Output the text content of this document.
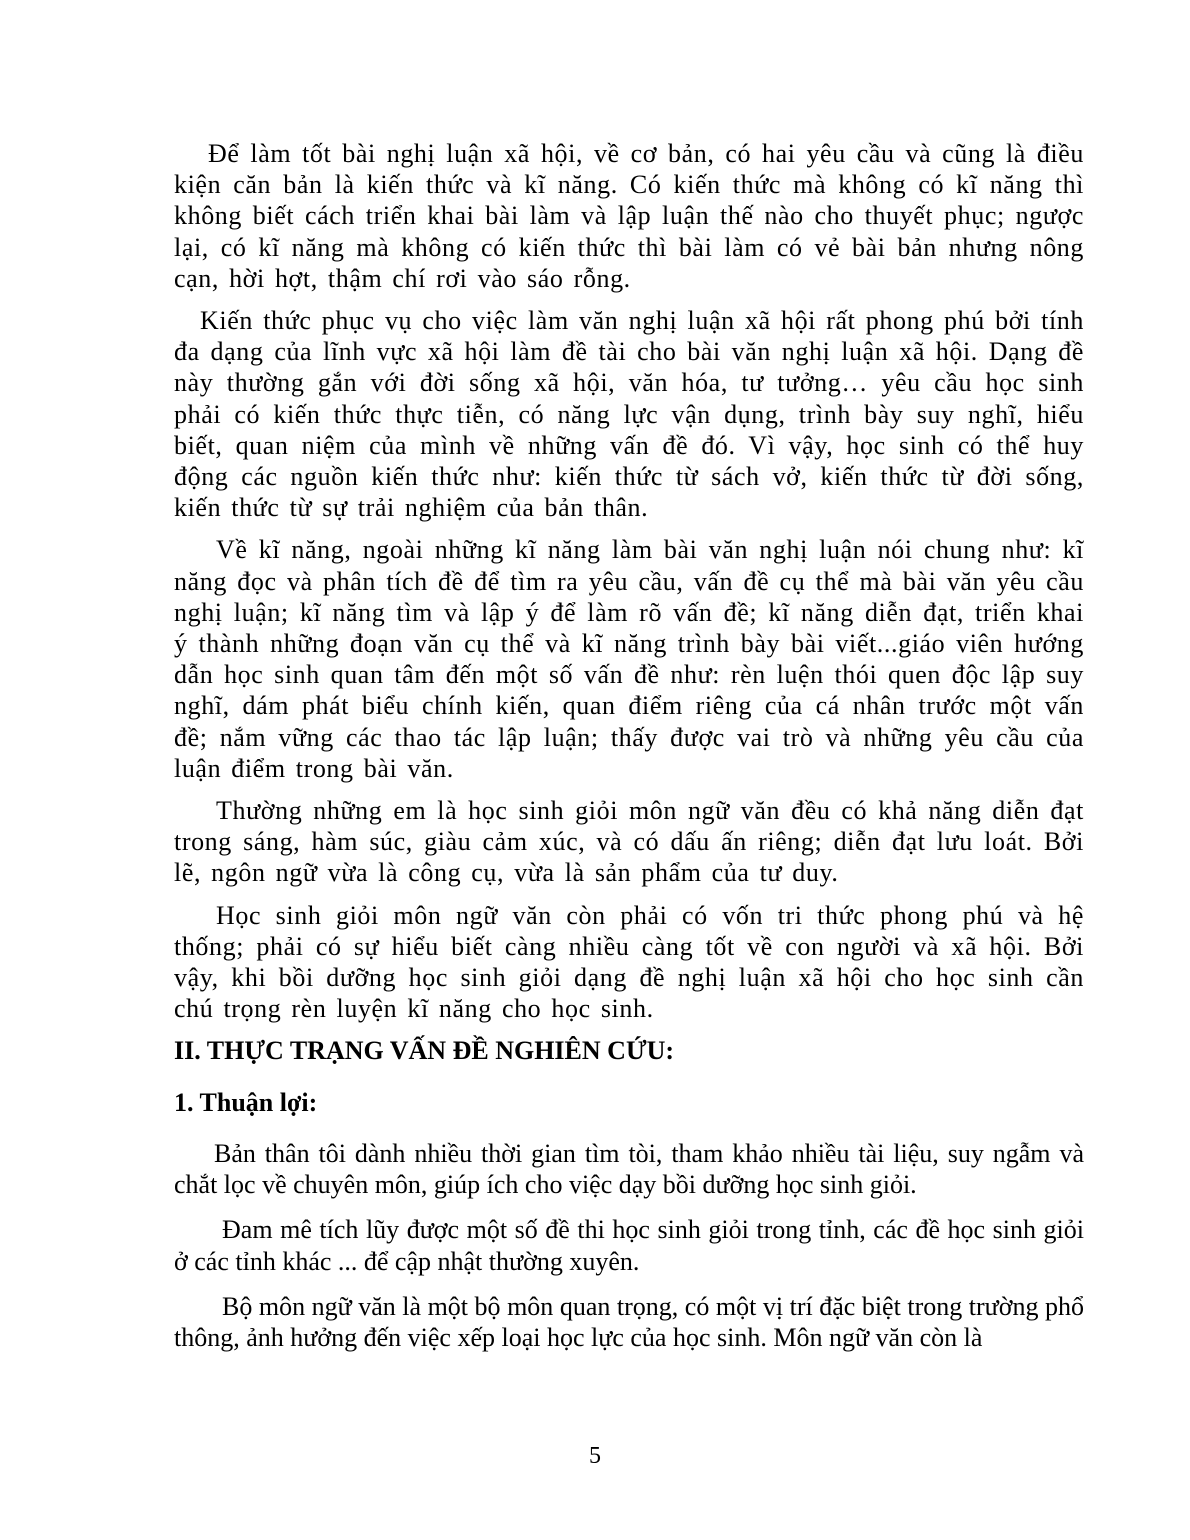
Để làm tốt bài nghị luận xã hội, về cơ bản, có hai yêu cầu và cũng là điều kiện căn bản là kiến thức và kĩ năng. Có kiến thức mà không có kĩ năng thì không biết cách triển khai bài làm và lập luận thế nào cho thuyết phục; ngược lại, có kĩ năng mà không có kiến thức thì bài làm có vẻ bài bản nhưng nông cạn, hời hợt, thậm chí rơi vào sáo rỗng.

Kiến thức phục vụ cho việc làm văn nghị luận xã hội rất phong phú bởi tính đa dạng của lĩnh vực xã hội làm đề tài cho bài văn nghị luận xã hội. Dạng đề này thường gắn với đời sống xã hội, văn hóa, tư tưởng… yêu cầu học sinh phải có kiến thức thực tiễn, có năng lực vận dụng, trình bày suy nghĩ, hiểu biết, quan niệm của mình về những vấn đề đó. Vì vậy, học sinh có thể huy động các nguồn kiến thức như: kiến thức từ sách vở, kiến thức từ đời sống, kiến thức từ sự trải nghiệm của bản thân.

Về kĩ năng, ngoài những kĩ năng làm bài văn nghị luận nói chung như: kĩ năng đọc và phân tích đề để tìm ra yêu cầu, vấn đề cụ thể mà bài văn yêu cầu nghị luận; kĩ năng tìm và lập ý để làm rõ vấn đề; kĩ năng diễn đạt, triển khai ý thành những đoạn văn cụ thể và kĩ năng trình bày bài viết...giáo viên hướng dẫn học sinh quan tâm đến một số vấn đề như: rèn luện thói quen độc lập suy nghĩ, dám phát biểu chính kiến, quan điểm riêng của cá nhân trước một vấn đề; nắm vững các thao tác lập luận; thấy được vai trò và những yêu cầu của luận điểm trong bài văn.

Thường những em là học sinh giỏi môn ngữ văn đều có khả năng diễn đạt trong sáng, hàm súc, giàu cảm xúc, và có dấu ấn riêng; diễn đạt lưu loát. Bởi lẽ, ngôn ngữ vừa là công cụ, vừa là sản phẩm của tư duy.

Học sinh giỏi môn ngữ văn còn phải có vốn tri thức phong phú và hệ thống; phải có sự hiểu biết càng nhiều càng tốt về con người và xã hội. Bởi vậy, khi bồi dưỡng học sinh giỏi dạng đề nghị luận xã hội cho học sinh cần chú trọng rèn luyện kĩ năng cho học sinh.

II. THỰC TRẠNG VẤN ĐỀ NGHIÊN CỨU:

1. Thuận lợi:

Bản thân tôi dành nhiều thời gian tìm tòi, tham khảo nhiều tài liệu, suy ngẫm và chắt lọc về chuyên môn, giúp ích cho việc dạy bồi dưỡng học sinh giỏi.

Đam mê tích lũy được một số đề thi học sinh giỏi trong tỉnh, các đề học sinh giỏi ở các tỉnh khác ... để cập nhật thường xuyên.

Bộ môn ngữ văn là một bộ môn quan trọng, có một vị trí đặc biệt trong trường phổ thông, ảnh hưởng đến việc xếp loại học lực của học sinh. Môn ngữ văn còn là

5
